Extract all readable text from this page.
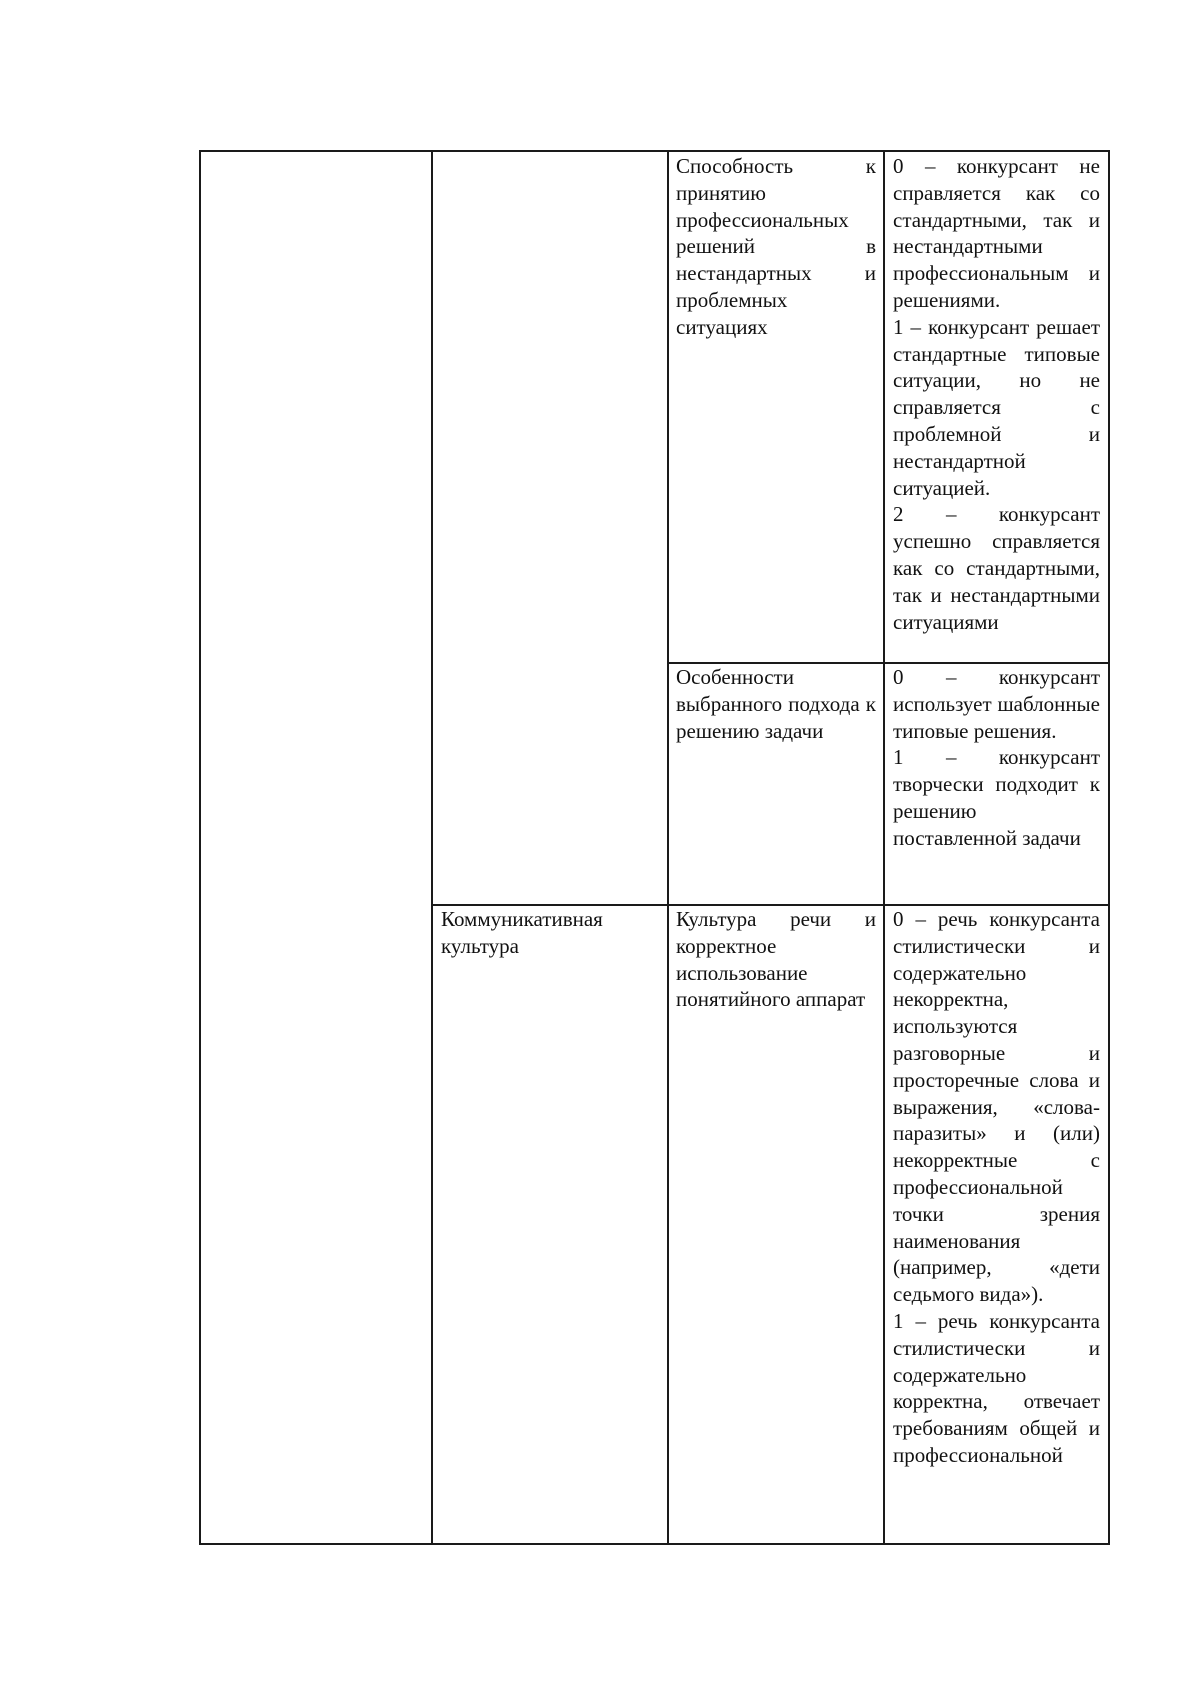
Способность к принятию профессиональных решений в нестандартных и проблемных ситуациях

0 – конкурсант не справляется как со стандартными, так и нестандартными профессиональным и решениями.

1 – конкурсант решает стандартные типовые ситуации, но не справляется с проблемной и нестандартной ситуацией.

2 – конкурсант успешно справляется как со стандартными, так и нестандартными ситуациями

Особенности выбранного подхода к решению задачи

0 – конкурсант использует шаблонные типовые решения.

1 – конкурсант творчески подходит к решению поставленной задачи

Коммуникативная культура

Культура речи и корректное использование понятийного аппарат

0 – речь конкурсанта стилистически и содержательно некорректна, используются разговорные и просторечные слова и выражения, «слова-паразиты» и (или) некорректные с профессиональной точки зрения наименования (например, «дети седьмого вида»).

1 – речь конкурсанта стилистически и содержательно корректна, отвечает требованиям общей и профессиональной
